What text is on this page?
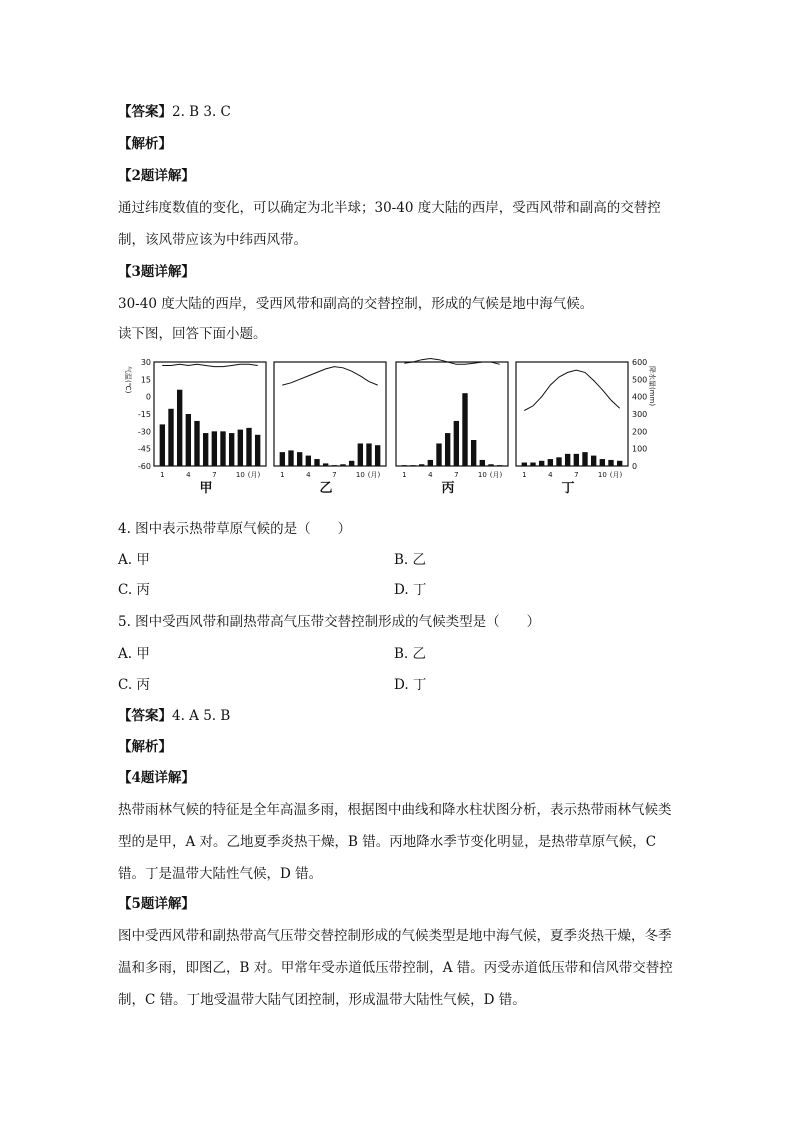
【答案】2. B 3. C
【解析】
【2题详解】
通过纬度数值的变化，可以确定为北半球；30-40 度大陆的西岸，受西风带和副高的交替控
制，该风带应该为中纬西风带。
【3题详解】
30-40 度大陆的西岸，受西风带和副高的交替控制，形成的气候是地中海气候。
读下图，回答下面小题。
30
15
0
-15
-30
-45
-60
气温(℃)
600
500
400
300
200
100
0
降水量(mm)
1	4	7	10 (月)
甲
1	4	7	10 (月)
乙
1	4	7	10 (月)
丙
1	4	7	10 (月)
丁
4. 图中表示热带草原气候的是（　　）
A. 甲	B. 乙
C. 丙	D. 丁
5. 图中受西风带和副热带高气压带交替控制形成的气候类型是（　　）
A. 甲	B. 乙
C. 丙	D. 丁
【答案】4. A 5. B
【解析】
【4题详解】
热带雨林气候的特征是全年高温多雨，根据图中曲线和降水柱状图分析，表示热带雨林气候类型的是甲，A 对。乙地夏季炎热干燥，B 错。丙地降水季节变化明显，是热带草原气候，C 错。丁是温带大陆性气候，D 错。
【5题详解】
图中受西风带和副热带高气压带交替控制形成的气候类型是地中海气候，夏季炎热干燥，冬季温和多雨，即图乙，B 对。甲常年受赤道低压带控制，A 错。丙受赤道低压带和信风带交替控制，C 错。丁地受温带大陆气团控制，形成温带大陆性气候，D 错。
